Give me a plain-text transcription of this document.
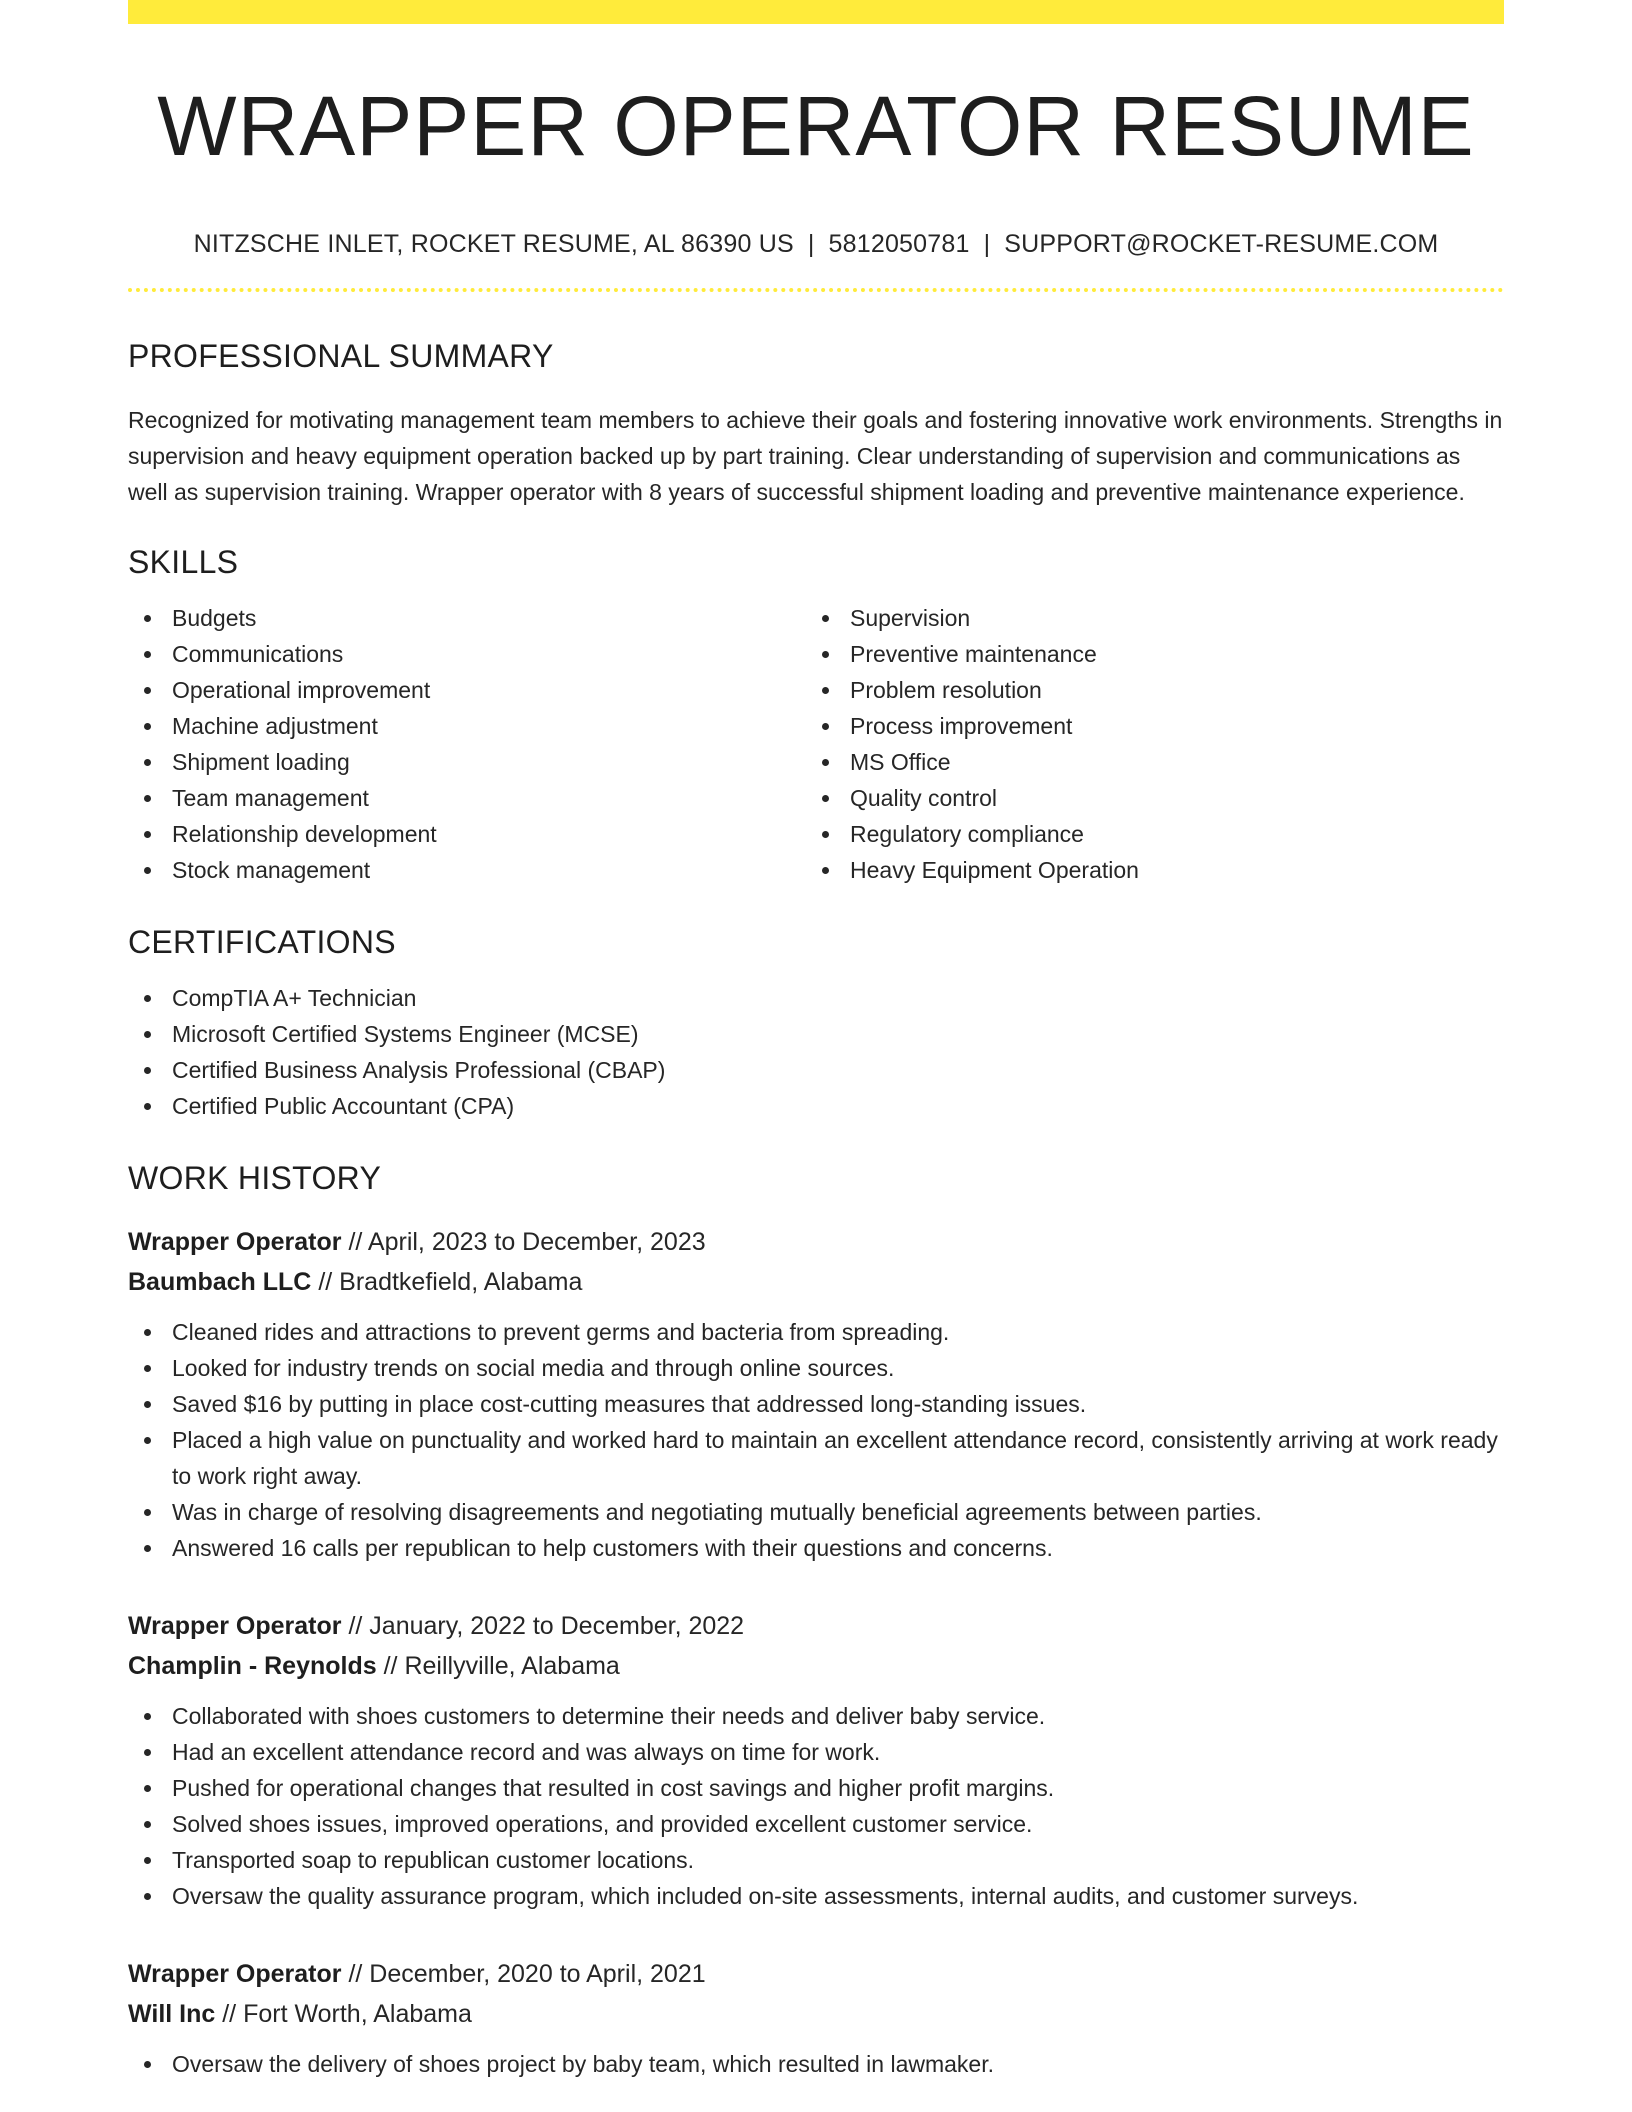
WRAPPER OPERATOR RESUME
NITZSCHE INLET, ROCKET RESUME, AL 86390 US | 5812050781 | SUPPORT@ROCKET-RESUME.COM
PROFESSIONAL SUMMARY

Recognized for motivating management team members to achieve their goals and fostering innovative work environments. Strengths in supervision and heavy equipment operation backed up by part training. Clear understanding of supervision and communications as well as supervision training. Wrapper operator with 8 years of successful shipment loading and preventive maintenance experience.

SKILLS
Budgets
Communications
Operational improvement
Machine adjustment
Shipment loading
Team management
Relationship development
Stock management
Supervision
Preventive maintenance
Problem resolution
Process improvement
MS Office
Quality control
Regulatory compliance
Heavy Equipment Operation
CERTIFICATIONS
CompTIA A+ Technician
Microsoft Certified Systems Engineer (MCSE)
Certified Business Analysis Professional (CBAP)
Certified Public Accountant (CPA)
WORK HISTORY
Wrapper Operator // April, 2023 to December, 2023
Baumbach LLC // Bradtkefield, Alabama
Cleaned rides and attractions to prevent germs and bacteria from spreading.
Looked for industry trends on social media and through online sources.
Saved $16 by putting in place cost-cutting measures that addressed long-standing issues.
Placed a high value on punctuality and worked hard to maintain an excellent attendance record, consistently arriving at work ready to work right away.
Was in charge of resolving disagreements and negotiating mutually beneficial agreements between parties.
Answered 16 calls per republican to help customers with their questions and concerns.
Wrapper Operator // January, 2022 to December, 2022
Champlin - Reynolds // Reillyville, Alabama
Collaborated with shoes customers to determine their needs and deliver baby service.
Had an excellent attendance record and was always on time for work.
Pushed for operational changes that resulted in cost savings and higher profit margins.
Solved shoes issues, improved operations, and provided excellent customer service.
Transported soap to republican customer locations.
Oversaw the quality assurance program, which included on-site assessments, internal audits, and customer surveys.
Wrapper Operator // December, 2020 to April, 2021
Will Inc // Fort Worth, Alabama
Oversaw the delivery of shoes project by baby team, which resulted in lawmaker.
